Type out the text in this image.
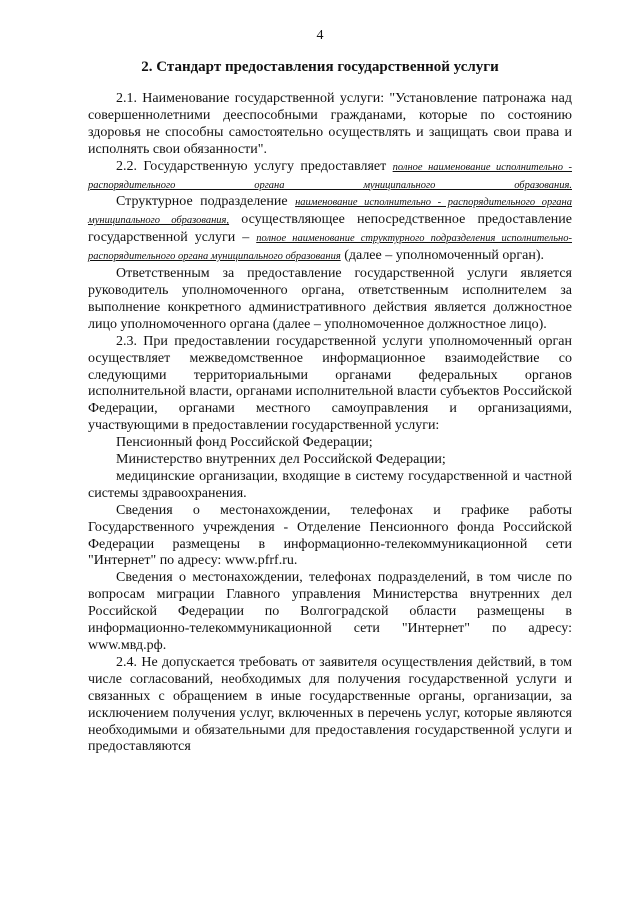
4
2. Стандарт предоставления государственной услуги

2.1. Наименование государственной услуги: "Установление патронажа над совершеннолетними дееспособными гражданами, которые по состоянию здоровья не способны самостоятельно осуществлять и защищать свои права и исполнять свои обязанности".

2.2. Государственную услугу предоставляет полное наименование исполнительно - распорядительного органа муниципального образования.

Структурное подразделение наименование исполнительно - распорядительного органа муниципального образования, осуществляющее непосредственное предоставление государственной услуги – полное наименование структурного подразделения исполнительно-распорядительного органа муниципального образования (далее – уполномоченный орган).

Ответственным за предоставление государственной услуги является руководитель уполномоченного органа, ответственным исполнителем за выполнение конкретного административного действия является должностное лицо уполномоченного органа (далее – уполномоченное должностное лицо).

2.3. При предоставлении государственной услуги уполномоченный орган осуществляет межведомственное информационное взаимодействие со следующими территориальными органами федеральных органов исполнительной власти, органами исполнительной власти субъектов Российской Федерации, органами местного самоуправления и организациями, участвующими в предоставлении государственной услуги:

Пенсионный фонд Российской Федерации;

Министерство внутренних дел Российской Федерации;

медицинские организации, входящие в систему государственной и частной системы здравоохранения.

Сведения о местонахождении, телефонах и графике работы Государственного учреждения - Отделение Пенсионного фонда Российской Федерации размещены в информационно-телекоммуникационной сети "Интернет" по адресу: www.pfrf.ru.

Сведения о местонахождении, телефонах подразделений, в том числе по вопросам миграции Главного управления Министерства внутренних дел Российской Федерации по Волгоградской области размещены в информационно-телекоммуникационной сети "Интернет" по адресу: www.мвд.рф.

2.4. Не допускается требовать от заявителя осуществления действий, в том числе согласований, необходимых для получения государственной услуги и связанных с обращением в иные государственные органы, организации, за исключением получения услуг, включенных в перечень услуг, которые являются необходимыми и обязательными для предоставления государственной услуги и предоставляются
